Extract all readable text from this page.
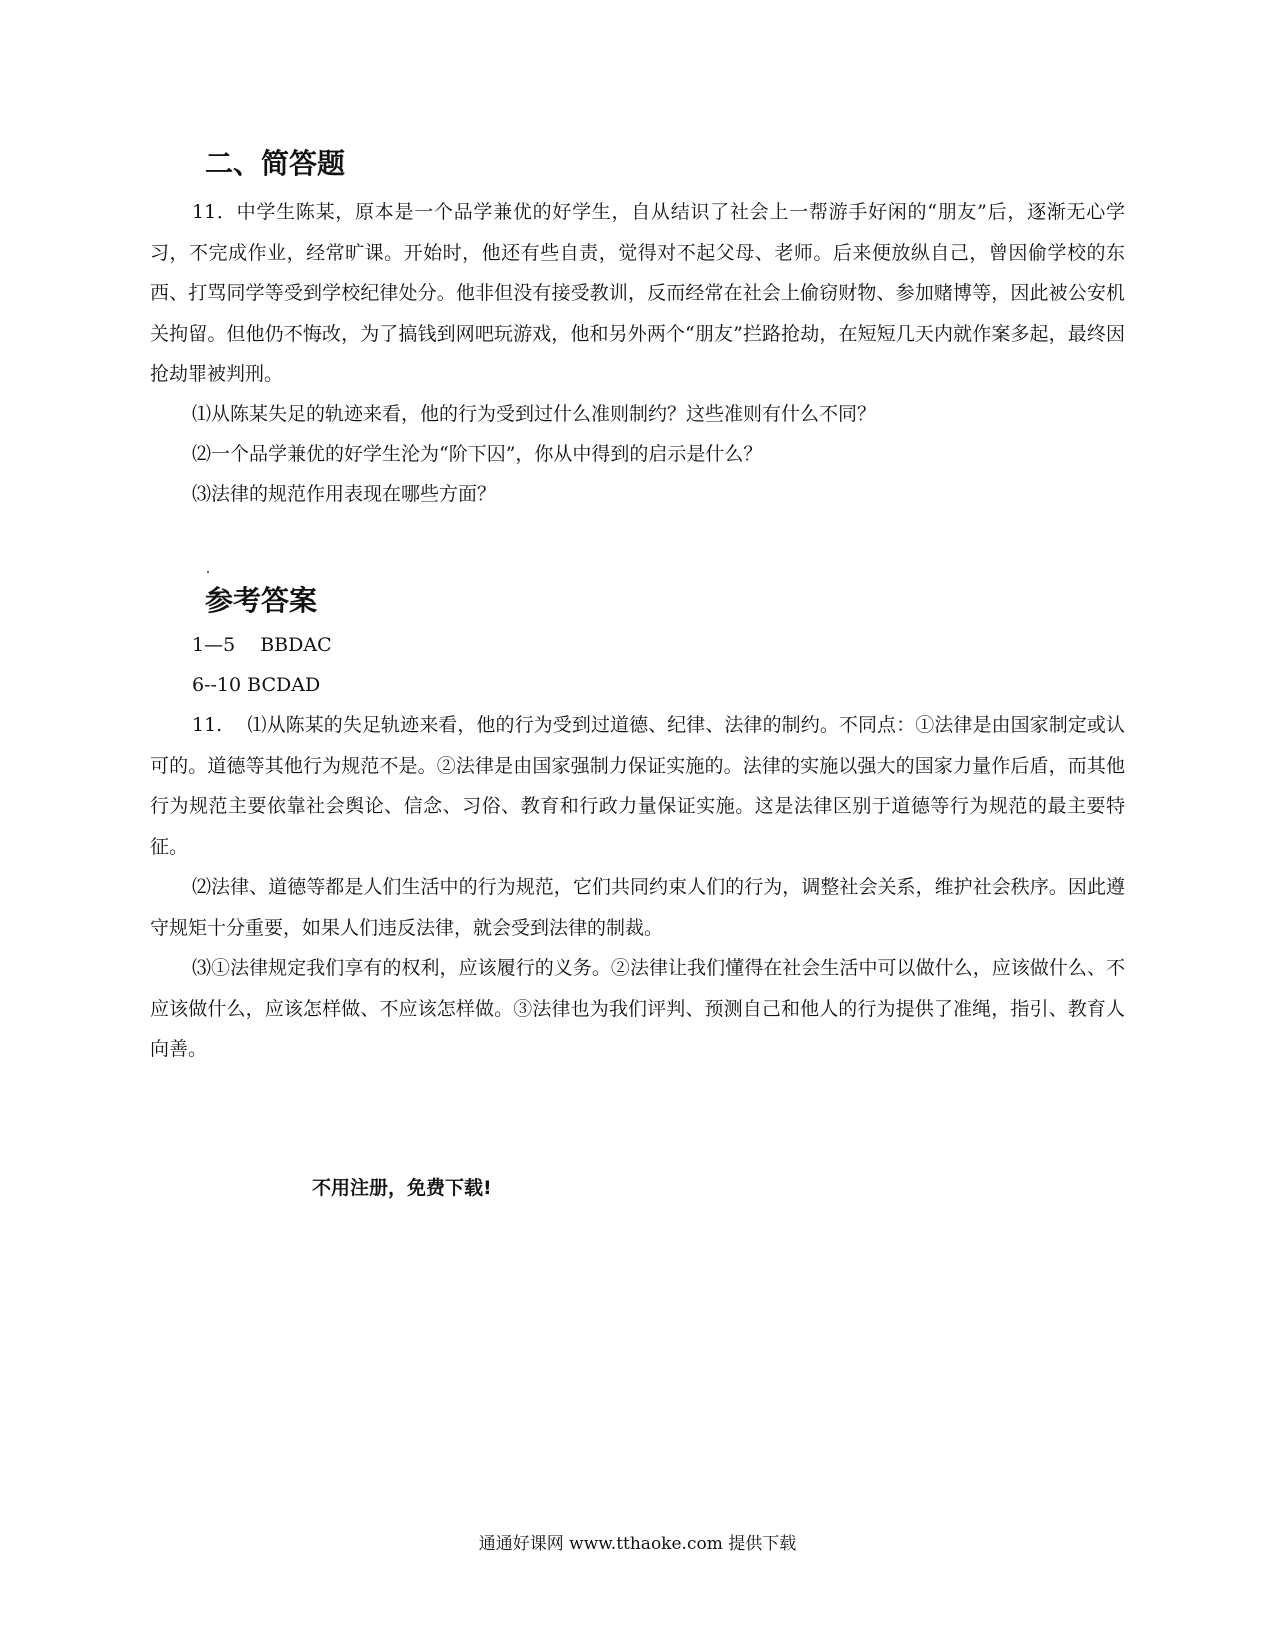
二、简答题
11．中学生陈某，原本是一个品学兼优的好学生，自从结识了社会上一帮游手好闲的“朋友”后，逐渐无心学习，不完成作业，经常旷课。开始时，他还有些自责，觉得对不起父母、老师。后来便放纵自己，曾因偷学校的东西、打骂同学等受到学校纪律处分。他非但没有接受教训，反而经常在社会上偷窃财物、参加赌博等，因此被公安机关拘留。但他仍不悔改，为了搞钱到网吧玩游戏，他和另外两个“朋友”拦路抢劫，在短短几天内就作案多起，最终因抢劫罪被判刑。
⑴从陈某失足的轨迹来看，他的行为受到过什么准则制约？这些准则有什么不同？
⑵一个品学兼优的好学生沦为“阶下囚”，你从中得到的启示是什么？
⑶法律的规范作用表现在哪些方面？
参考答案
1—5　 BBDAC
6--10 BCDAD
11.　 ⑴从陈某的失足轨迹来看，他的行为受到过道德、纪律、法律的制约。不同点：①法律是由国家制定或认可的。道德等其他行为规范不是。②法律是由国家强制力保证实施的。法律的实施以强大的国家力量作后盾，而其他行为规范主要依靠社会舆论、信念、习俗、教育和行政力量保证实施。这是法律区别于道德等行为规范的最主要特征。
⑵法律、道德等都是人们生活中的行为规范，它们共同约束人们的行为，调整社会关系，维护社会秩序。因此遵守规矩十分重要，如果人们违反法律，就会受到法律的制裁。
⑶①法律规定我们享有的权利，应该履行的义务。②法律让我们懂得在社会生活中可以做什么，应该做什么、不应该做什么，应该怎样做、不应该怎样做。③法律也为我们评判、预测自己和他人的行为提供了准绳，指引、教育人向善。
不用注册，免费下载!
通通好课网 www.tthaoke.com 提供下载
